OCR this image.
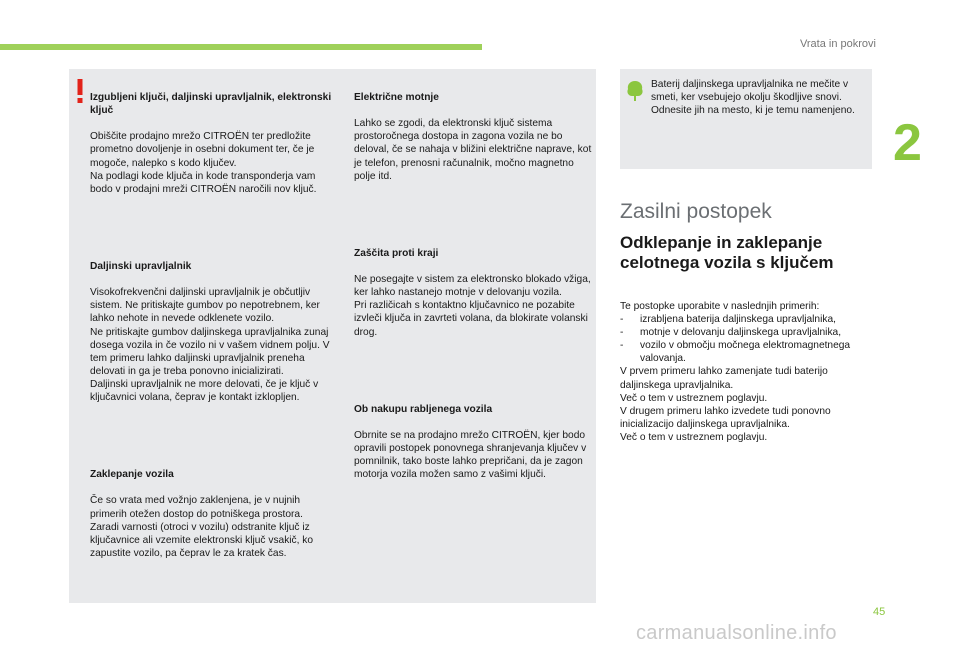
Vrata in pokrovi
2

Izgubljeni ključi, daljinski upravljalnik, elektronski ključ

Obiščite prodajno mrežo CITROËN ter predložite prometno dovoljenje in osebni dokument ter, če je mogoče, nalepko s kodo ključev.
Na podlagi kode ključa in kode transponderja vam bodo v prodajni mreži CITROËN naročili nov ključ.

Daljinski upravljalnik

Visokofrekvenčni daljinski upravljalnik je občutljiv sistem. Ne pritiskajte gumbov po nepotrebnem, ker lahko nehote in nevede odklenete vozilo.
Ne pritiskajte gumbov daljinskega upravljalnika zunaj dosega vozila in če vozilo ni v vašem vidnem polju. V tem primeru lahko daljinski upravljalnik preneha delovati in ga je treba ponovno inicializirati.
Daljinski upravljalnik ne more delovati, če je ključ v ključavnici volana, čeprav je kontakt izklopljen.

Zaklepanje vozila

Če so vrata med vožnjo zaklenjena, je v nujnih primerih otežen dostop do potniškega prostora.
Zaradi varnosti (otroci v vozilu) odstranite ključ iz ključavnice ali vzemite elektronski ključ vsakič, ko zapustite vozilo, pa čeprav le za kratek čas.

Električne motnje

Lahko se zgodi, da elektronski ključ sistema prostoročnega dostopa in zagona vozila ne bo deloval, če se nahaja v bližini električne naprave, kot je telefon, prenosni računalnik, močno magnetno polje itd.

Zaščita proti kraji

Ne posegajte v sistem za elektronsko blokado vžiga, ker lahko nastanejo motnje v delovanju vozila.
Pri različicah s kontaktno ključavnico ne pozabite izvleči ključa in zavrteti volana, da blokirate volanski drog.

Ob nakupu rabljenega vozila

Obrnite se na prodajno mrežo CITROËN, kjer bodo opravili postopek ponovnega shranjevanja ključev v pomnilnik, tako boste lahko prepričani, da je zagon motorja vozila možen samo z vašimi ključi.

Baterij daljinskega upravljalnika ne mečite v smeti, ker vsebujejo okolju škodljive snovi.
Odnesite jih na mesto, ki je temu namenjeno.
Zasilni postopek
Odklepanje in zaklepanje celotnega vozila s ključem
Te postopke uporabite v naslednjih primerih:
- izrabljena baterija daljinskega upravljalnika,
- motnje v delovanju daljinskega upravljalnika,
- vozilo v območju močnega elektromagnetnega valovanja.
V prvem primeru lahko zamenjate tudi baterijo daljinskega upravljalnika.
Več o tem v ustreznem poglavju.
V drugem primeru lahko izvedete tudi ponovno inicializacijo daljinskega upravljalnika.
Več o tem v ustreznem poglavju.
45
carmanualsonline.info
